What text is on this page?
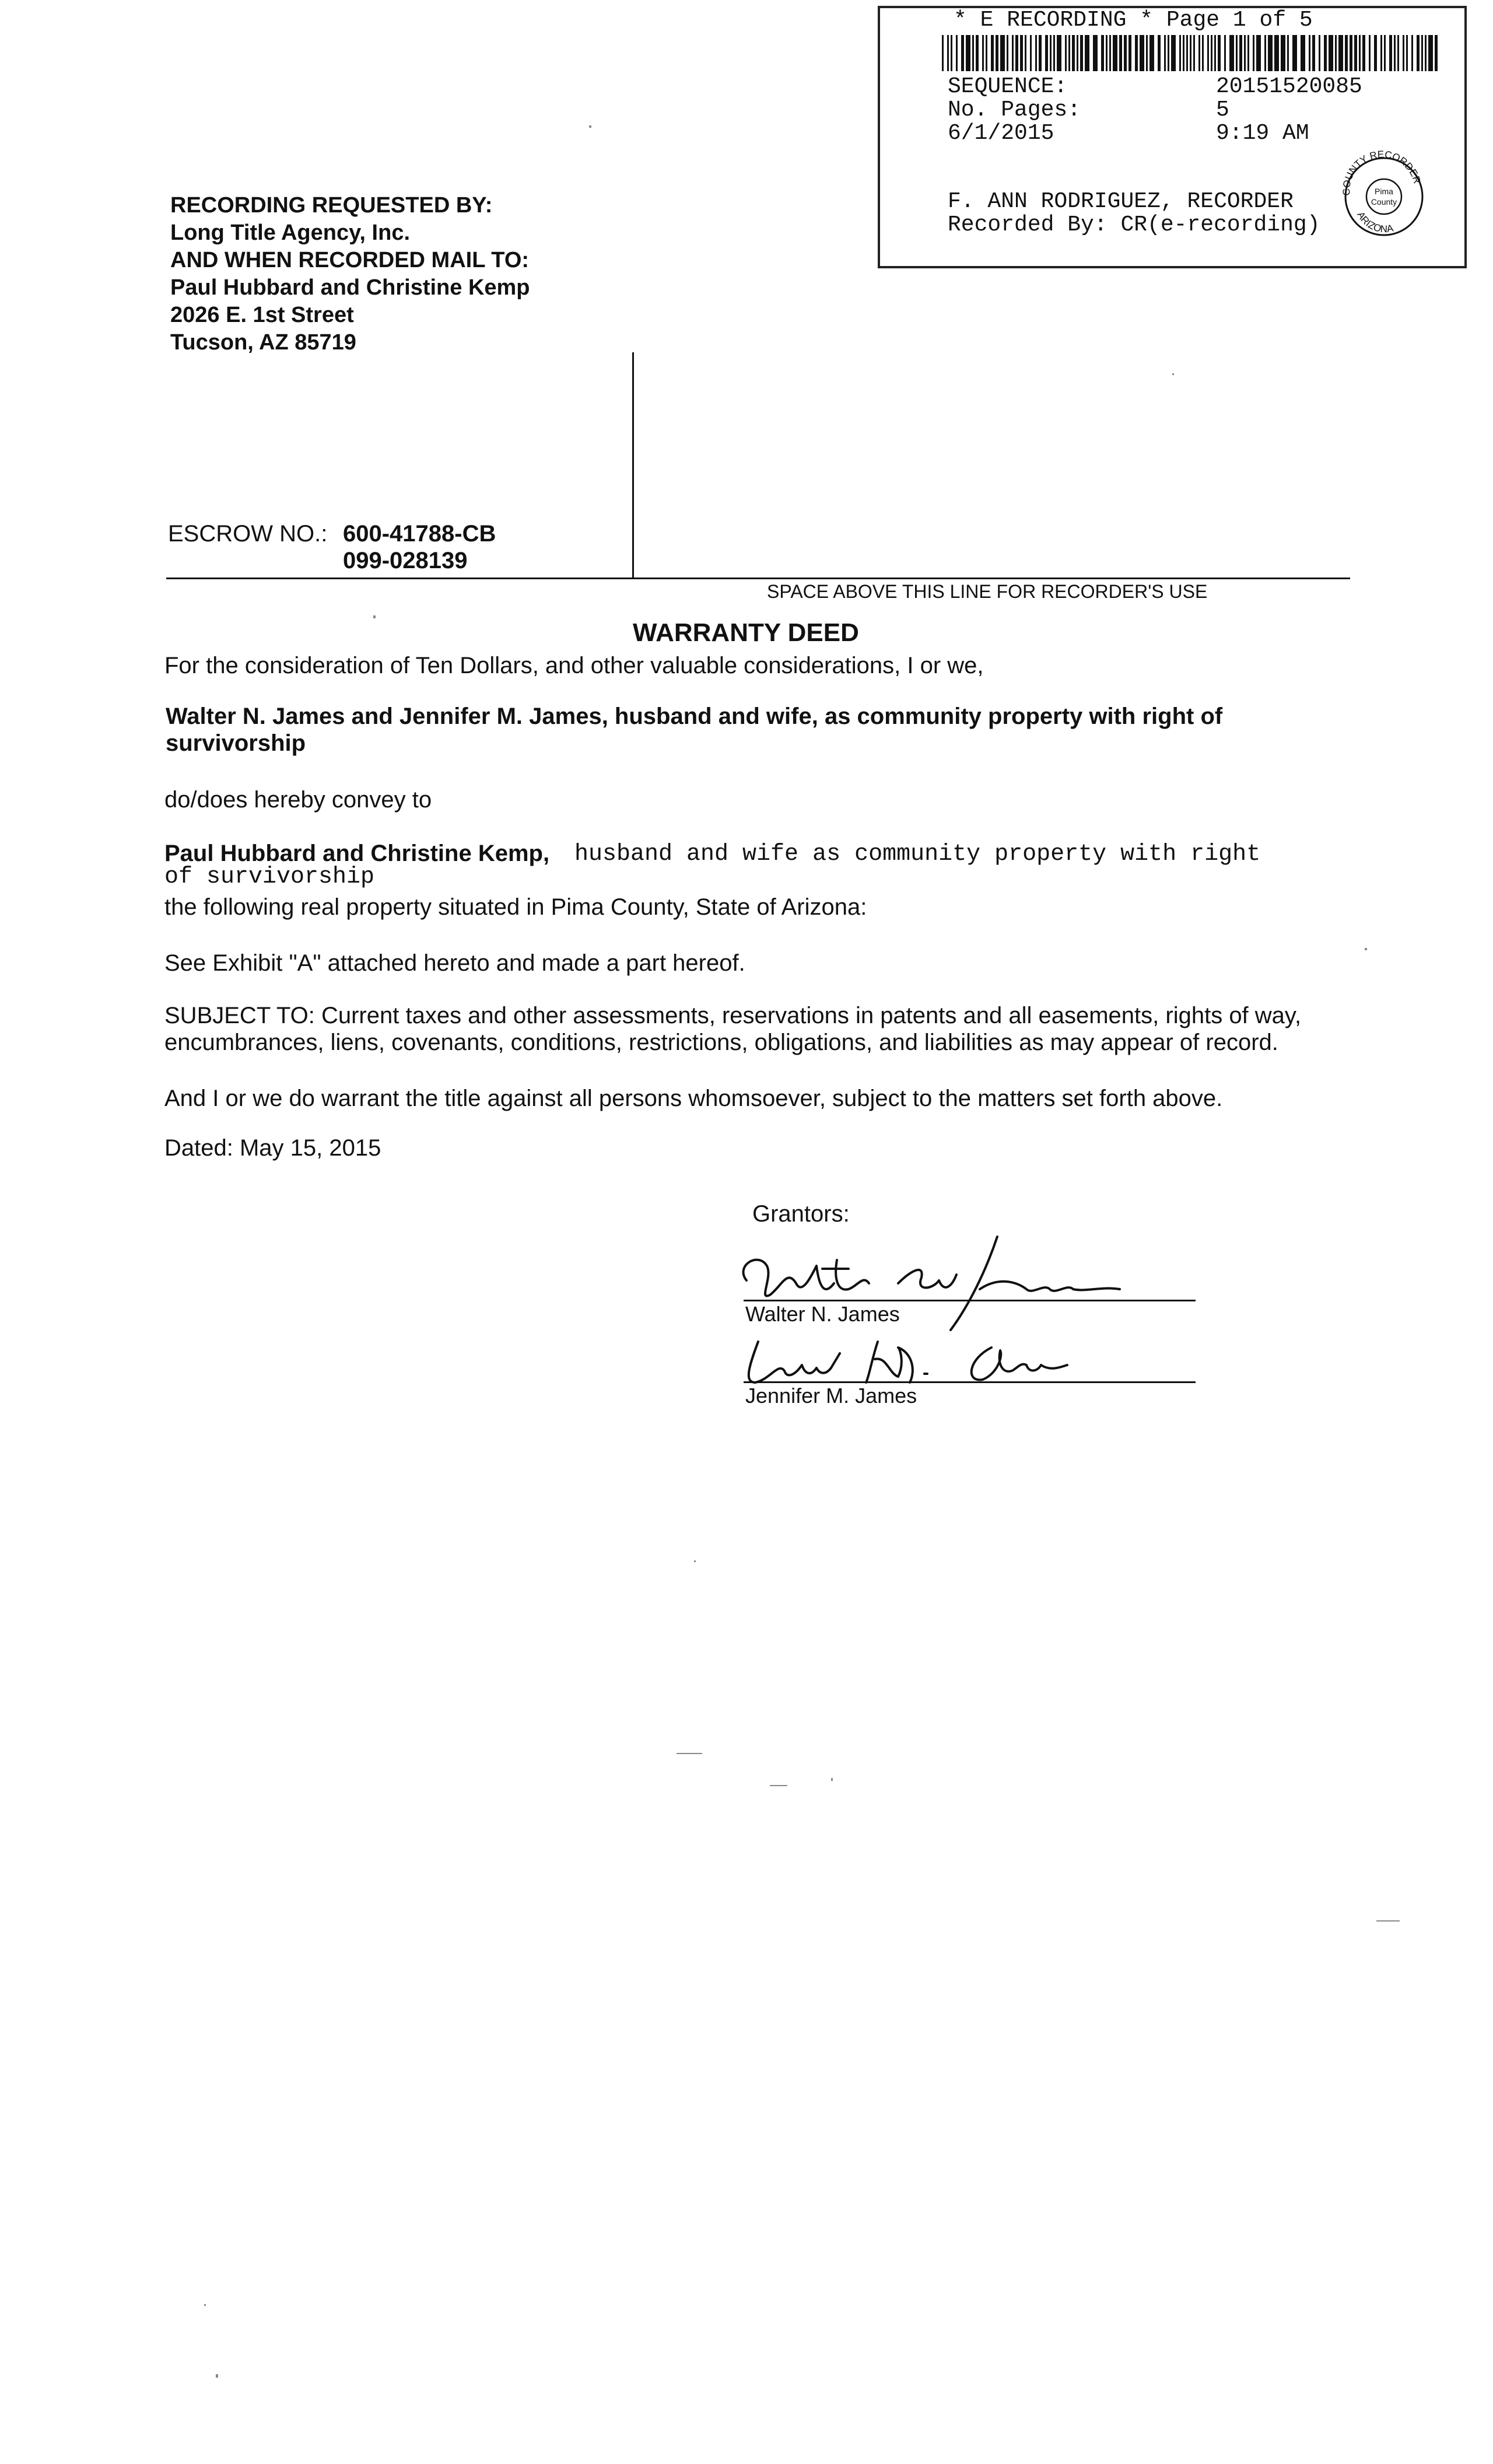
* E RECORDING * Page 1 of 5
SEQUENCE:	20151520085
No. Pages:	5
6/1/2015	9:19 AM
F. ANN RODRIGUEZ, RECORDER
Recorded By: CR(e-recording)
COUNTY RECORDER
ARIZONA
Pima
County
RECORDING REQUESTED BY:
Long Title Agency, Inc.
AND WHEN RECORDED MAIL TO:
Paul Hubbard and Christine Kemp
2026 E. 1st Street
Tucson, AZ 85719
ESCROW NO.: 600-41788-CB
099-028139
SPACE ABOVE THIS LINE FOR RECORDER'S USE
WARRANTY DEED
For the consideration of Ten Dollars, and other valuable considerations, I or we,
Walter N. James and Jennifer M. James, husband and wife, as community property with right of survivorship
do/does hereby convey to
Paul Hubbard and Christine Kemp, husband and wife as community property with right
of survivorship
the following real property situated in Pima County, State of Arizona:
See Exhibit "A" attached hereto and made a part hereof.
SUBJECT TO: Current taxes and other assessments, reservations in patents and all easements, rights of way,
encumbrances, liens, covenants, conditions, restrictions, obligations, and liabilities as may appear of record.
And I or we do warrant the title against all persons whomsoever, subject to the matters set forth above.
Dated: May 15, 2015
Grantors:
Walter N. James
Jennifer M. James
